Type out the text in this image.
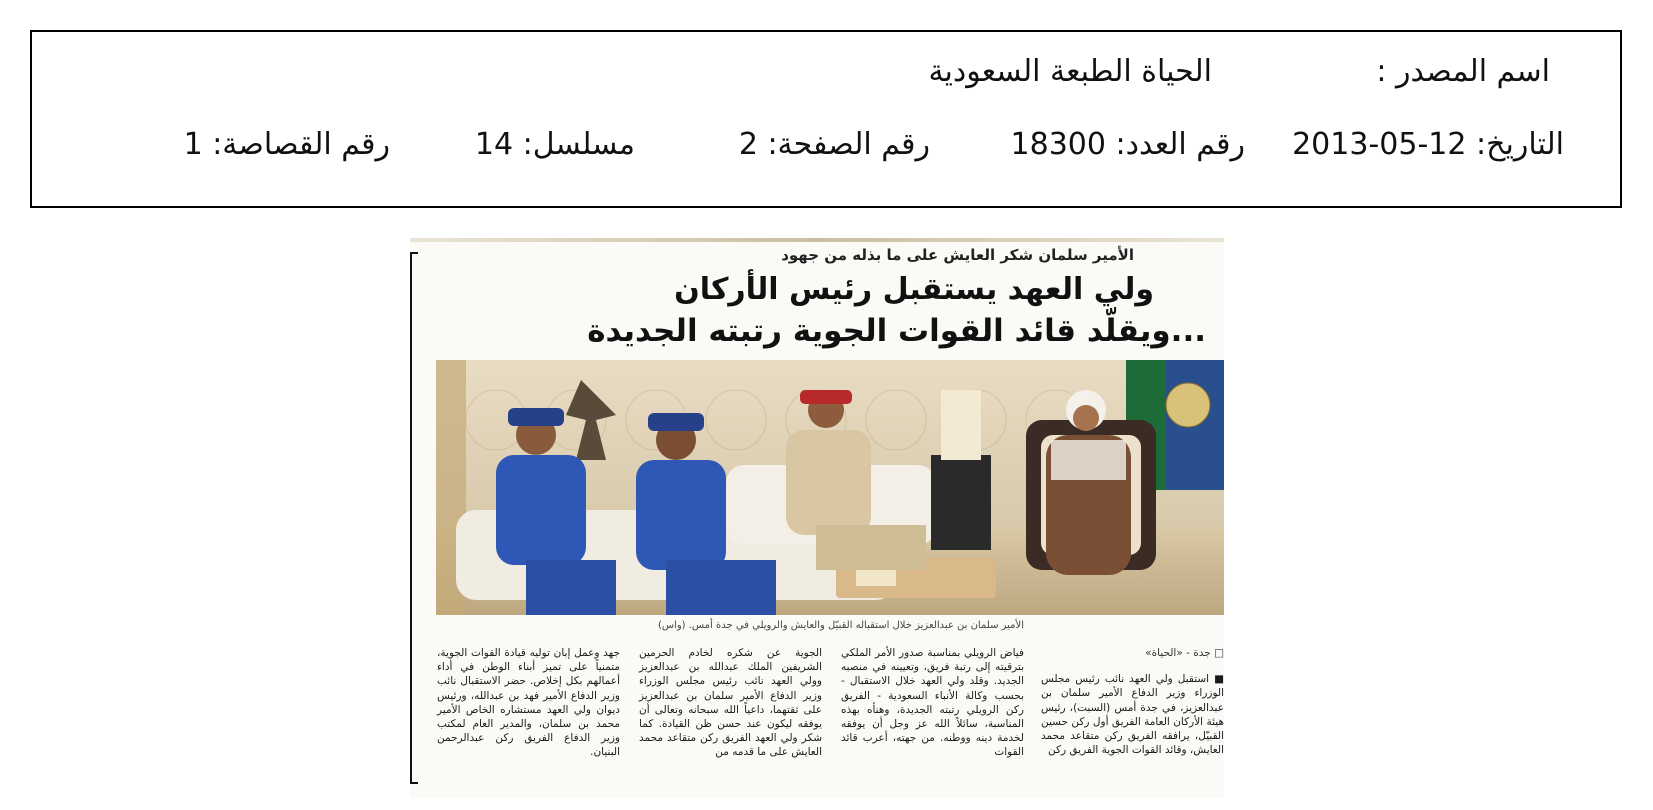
اسم المصدر :
الحياة الطبعة السعودية
التاريخ: 12-05-2013
رقم العدد: 18300
رقم الصفحة: 2
مسلسل: 14
رقم القصاصة: 1
الأمير سلمان شكر العايش على ما بذله من جهود
ولي العهد يستقبل رئيس الأركان
...ويقلّد قائد القوات الجوية رتبته الجديدة
الأمير سلمان بن عبدالعزيز خلال استقباله القبيّل والعايش والرويلي في جدة أمس. (واس)

□ جدة - «الحياة»

■ استقبل ولي العهد نائب رئيس مجلس الوزراء وزير الدفاع الأمير سلمان بن عبدالعزيز، في جدة أمس (السبت)، رئيس هيئة الأركان العامة الفريق أول ركن حسين القبيّل، يرافقه الفريق ركن متقاعد محمد العايش، وقائد القوات الجوية الفريق ركن

فياض الرويلي بمناسبة صدور الأمر الملكي بترقيته إلى رتبة فريق، وتعيينه في منصبه الجديد. وقلد ولي العهد خلال الاستقبال - بحسب وكالة الأنباء السعودية - الفريق ركن الرويلي رتبته الجديدة، وهنأه بهذه المناسبة، سائلاً الله عز وجل أن يوفقه لخدمة دينه ووطنه. من جهته، أعرب قائد القوات

الجوية عن شكره لخادم الحرمين الشريفين الملك عبدالله بن عبدالعزيز وولي العهد نائب رئيس مجلس الوزراء وزير الدفاع الأمير سلمان بن عبدالعزيز على ثقتهما، داعياً الله سبحانه وتعالى أن يوفقه ليكون عند حسن ظن القيادة. كما شكر ولي العهد الفريق ركن متقاعد محمد العايش على ما قدمه من

جهد وعمل إبان توليه قيادة القوات الجوية، متمنياً على تميز أبناء الوطن في أداء أعمالهم بكل إخلاص. حضر الاستقبال نائب وزير الدفاع الأمير فهد بن عبدالله، ورئيس ديوان ولي العهد مستشاره الخاص الأمير محمد بن سلمان، والمدير العام لمكتب وزير الدفاع الفريق ركن عبدالرحمن البنيان.
